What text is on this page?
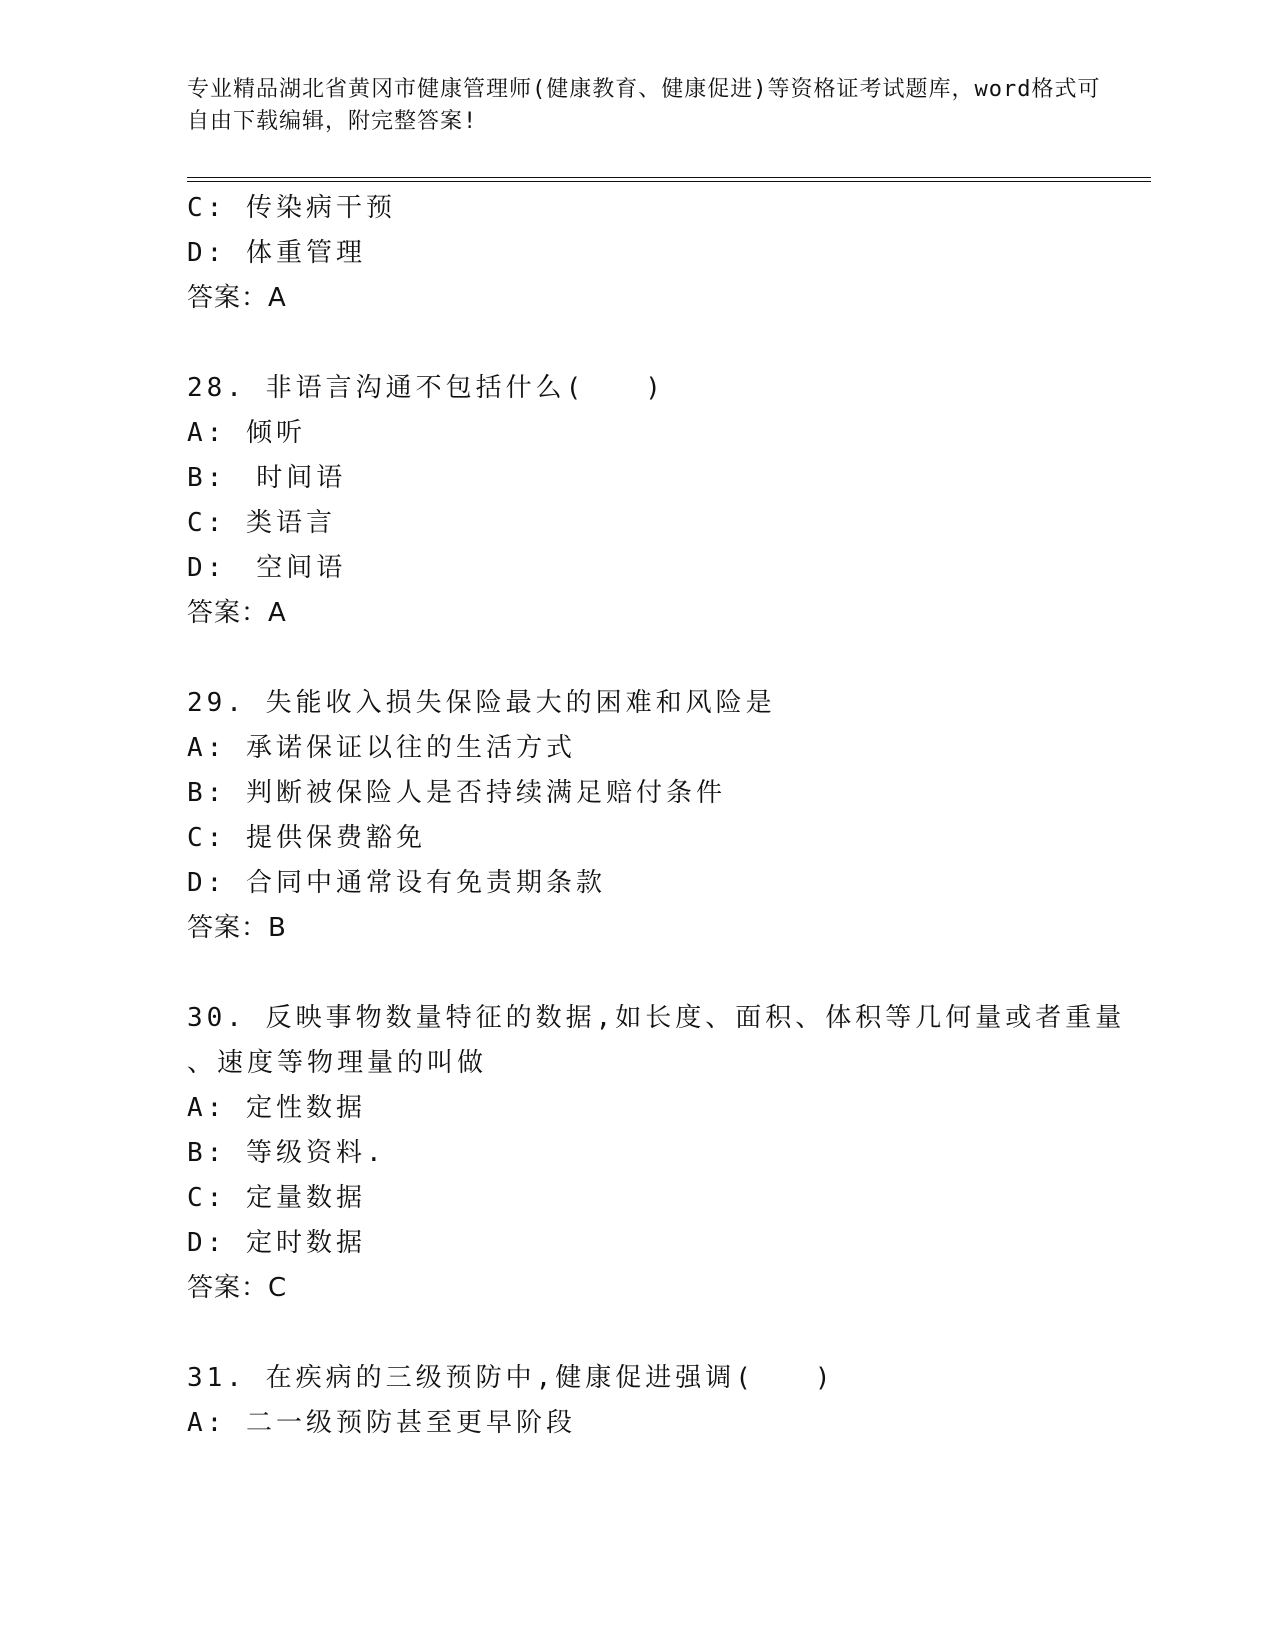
专业精品湖北省黄冈市健康管理师(健康教育、健康促进)等资格证考试题库，word格式可自由下载编辑，附完整答案!
C: 传染病干预
D: 体重管理
答案：A
28. 非语言沟通不包括什么(　　)
A: 倾听
B:　时间语
C: 类语言
D:　空间语
答案：A
29. 失能收入损失保险最大的困难和风险是
A: 承诺保证以往的生活方式
B: 判断被保险人是否持续满足赔付条件
C: 提供保费豁免
D: 合同中通常设有免责期条款
答案：B
30. 反映事物数量特征的数据,如长度、面积、体积等几何量或者重量
、速度等物理量的叫做
A: 定性数据
B: 等级资料.
C: 定量数据
D: 定时数据
答案：C
31. 在疾病的三级预防中,健康促进强调(　　)
A: 二一级预防甚至更早阶段
